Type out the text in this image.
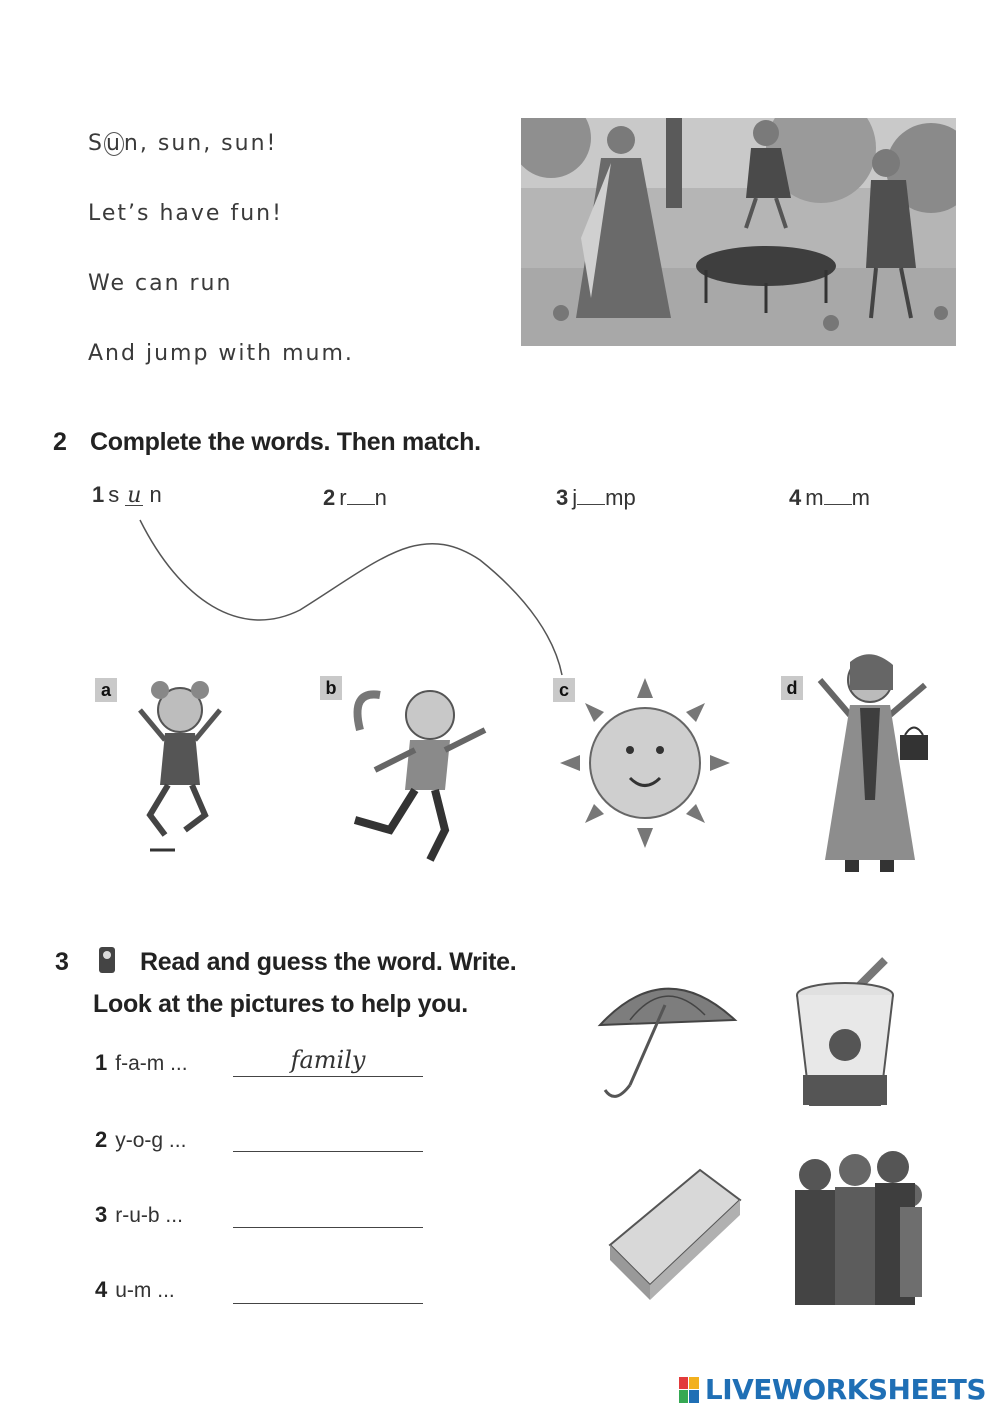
Sun, sun, sun!
Let’s have fun!
We can run
And jump with mum.
2 Complete the words. Then match.
1 s u n	2 r n	3 j mp	4 m m
a	b	c	d
3	Read and guess the word. Write.
Look at the pictures to help you.
1 f-a-m ...	family
2 y-o-g ...
3 r-u-b ...
4 u-m ...
LIVEWORKSHEETS
